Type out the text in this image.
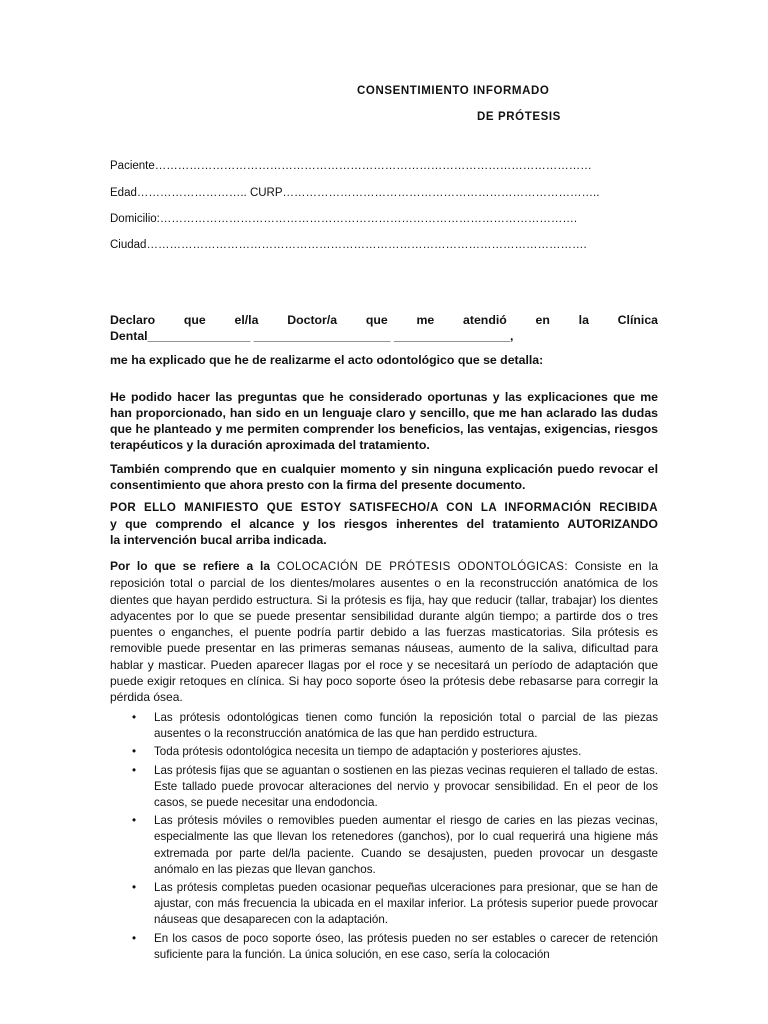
CONSENTIMIENTO INFORMADO
DE PRÓTESIS
Paciente……………………………………………………………………………………………………
Edad……………………….. CURP………………………………………………………………………..
Domicilio:……………………………………………………………………………………………….
Ciudad…………………………………………………………………………………………………….
Declaro que el/la Doctor/a que me atendió en la Clínica
Dental_______________ ____________________ _________________,
me ha explicado que he de realizarme el acto odontológico que se detalla:
He podido hacer las preguntas que he considerado oportunas y las explicaciones que me han proporcionado, han sido en un lenguaje claro y sencillo, que me han aclarado las dudas que he planteado y me permiten comprender los beneficios, las ventajas, exigencias, riesgos terapéuticos y la duración aproximada del tratamiento.
También comprendo que en cualquier momento y sin ninguna explicación puedo revocar el consentimiento que ahora presto con la firma del presente documento.
POR ELLO MANIFIESTO QUE ESTOY SATISFECHO/A CON LA INFORMACIÓN RECIBIDA
y que comprendo el alcance y los riesgos inherentes del tratamiento AUTORIZANDO
la intervención bucal arriba indicada.
Por lo que se refiere a la COLOCACIÓN DE PRÓTESIS ODONTOLÓGICAS: Consiste en la reposición total o parcial de los dientes/molares ausentes o en la reconstrucción anatómica de los dientes que hayan perdido estructura. Si la prótesis es fija, hay que reducir (tallar, trabajar) los dientes adyacentes por lo que se puede presentar sensibilidad durante algún tiempo; a partirde dos o tres puentes o enganches, el puente podría partir debido a las fuerzas masticatorias. Sila prótesis es removible puede presentar en las primeras semanas náuseas, aumento de la saliva, dificultad para hablar y masticar. Pueden aparecer llagas por el roce y se necesitará un período de adaptación que puede exigir retoques en clínica. Si hay poco soporte óseo la prótesis debe rebasarse para corregir la pérdida ósea.
• Las prótesis odontológicas tienen como función la reposición total o parcial de las piezas ausentes o la reconstrucción anatómica de las que han perdido estructura.
• Toda prótesis odontológica necesita un tiempo de adaptación y posteriores ajustes.
• Las prótesis fijas que se aguantan o sostienen en las piezas vecinas requieren el tallado de estas. Este tallado puede provocar alteraciones del nervio y provocar sensibilidad. En el peor de los casos, se puede necesitar una endodoncia.
• Las prótesis móviles o removibles pueden aumentar el riesgo de caries en las piezas vecinas, especialmente las que llevan los retenedores (ganchos), por lo cual requerirá una higiene más extremada por parte del/la paciente. Cuando se desajusten, pueden provocar un desgaste anómalo en las piezas que llevan ganchos.
• Las prótesis completas pueden ocasionar pequeñas ulceraciones para presionar, que se han de ajustar, con más frecuencia la ubicada en el maxilar inferior. La prótesis superior puede provocar náuseas que desaparecen con la adaptación.
• En los casos de poco soporte óseo, las prótesis pueden no ser estables o carecer de retención suficiente para la función. La única solución, en ese caso, sería la colocación
